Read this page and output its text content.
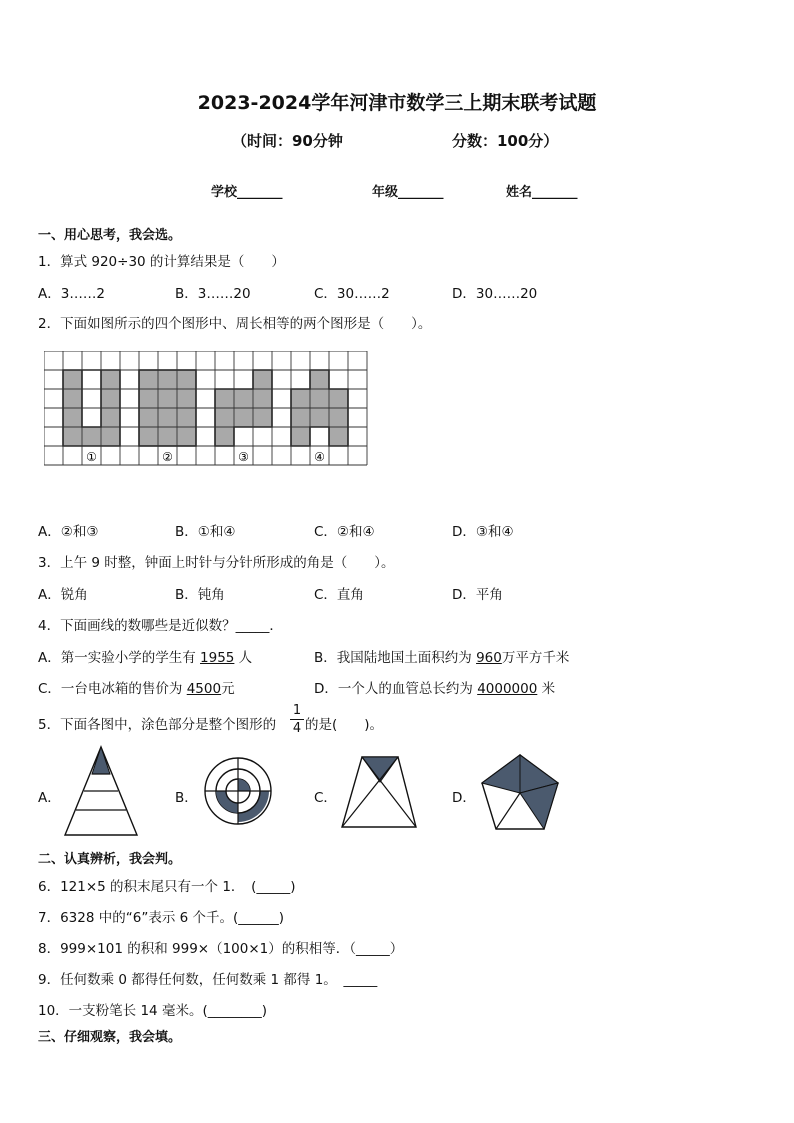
2023-2024学年河津市数学三上期末联考试题
（时间：90分钟	分数：100分）
学校_______	年级_______	姓名_______
一、用心思考，我会选。
1．算式 920÷30 的计算结果是（　　）
A．3……2	B．3……20	C．30……2	D．30……20
2．下面如图所示的四个图形中、周长相等的两个图形是（　　）。
①	②	③	④
A．②和③	B．①和④	C．②和④	D．③和④
3．上午 9 时整，钟面上时针与分针所形成的角是（　　）。
A．锐角	B．钝角	C．直角	D．平角
4．下面画线的数哪些是近似数？_____．
A．第一实验小学的学生有 1955 人	B．我国陆地国土面积约为 960万平方千米
C．一台电冰箱的售价为 4500元	D．一个人的血管总长约为 4000000 米
5．下面各图中，涂色部分是整个图形的
1
4 的是(　　)。
A．	B．	C．	D．
二、认真辨析，我会判。
6．121×5 的积末尾只有一个 1．　(_____)
7．6328 中的“6”表示 6 个千。(______)
8．999×101 的积和 999×（100×1）的积相等．（_____）
9．任何数乘 0 都得任何数，任何数乘 1 都得 1。　_____
10．一支粉笔长 14 毫米。(________)
三、仔细观察，我会填。
